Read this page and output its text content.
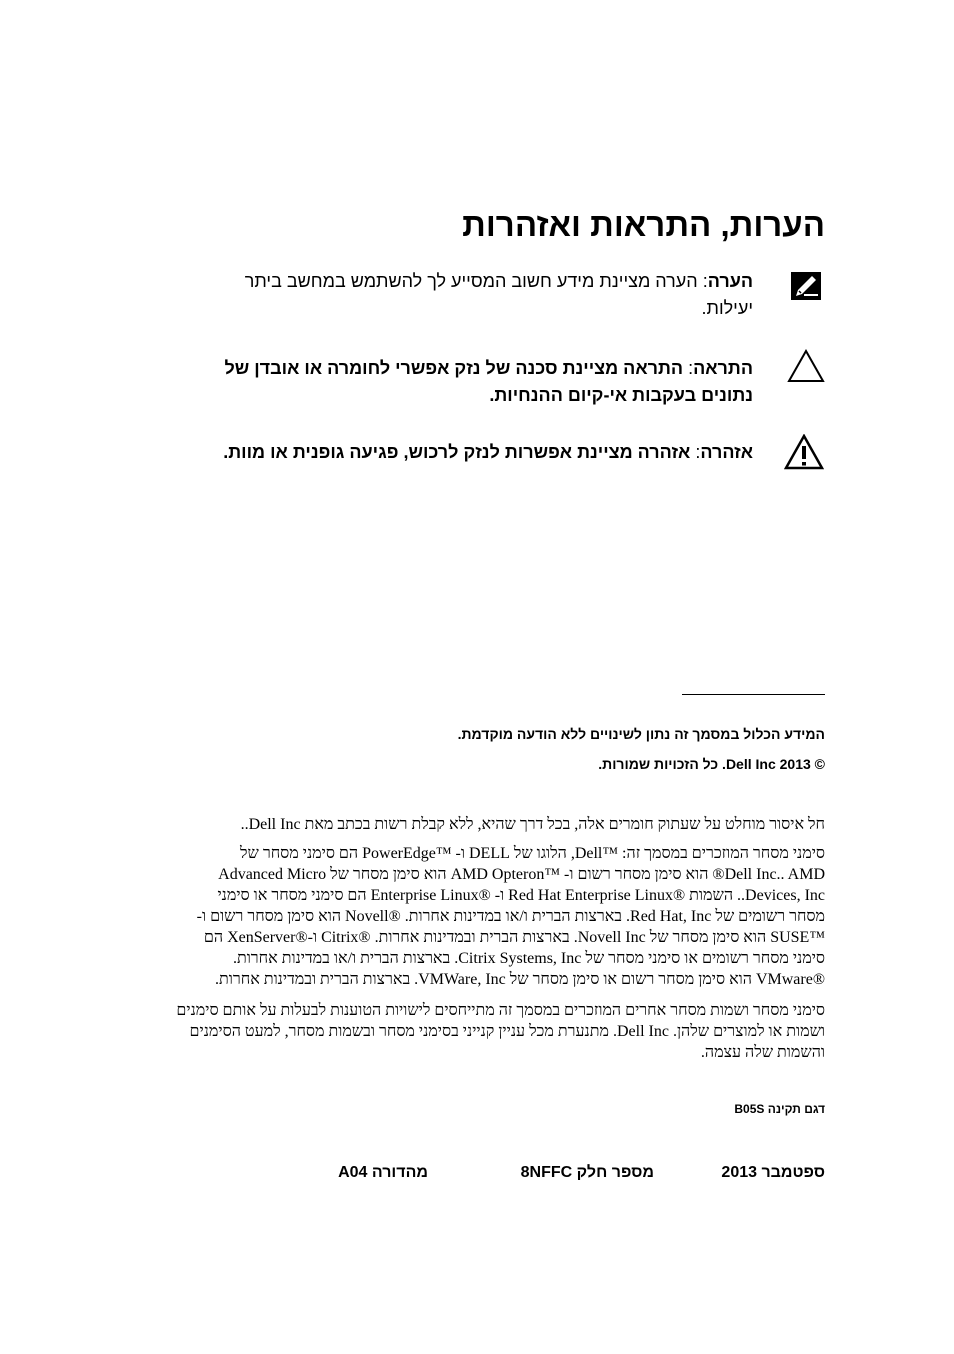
הערות, התראות ואזהרות
הערה: הערה מציינת מידע חשוב המסייע לך להשתמש במחשב ביתר יעילות.
התראה: התראה מציינת סכנה של נזק אפשרי לחומרה או אובדן של נתונים בעקבות אי-קיום ההנחיות.
אזהרה: אזהרה מציינת אפשרות לנזק לרכוש, פגיעה גופנית או מוות.
המידע הכלול במסמך זה נתון לשינויים ללא הודעה מוקדמת.
© 2013 Dell Inc. כל הזכויות שמורות.
חל איסור מוחלט על שעתוק חומרים אלה, בכל דרך שהיא, ללא קבלת רשות בכתב מאת Dell Inc..
סימני מסחר המוזכרים במסמך זה: ™Dell, הלוגו של DELL ו- ™PowerEdge הם סימני מסחר של
Dell Inc.. AMD® הוא סימן מסחר רשום ו- ™AMD Opteron הוא סימן מסחר של Advanced Micro
Devices, Inc.. השמות ®Red Hat Enterprise Linux ו- ®Enterprise Linux הם סימני מסחר או סימני
מסחר רשומים של Red Hat, Inc. בארצות הברית ו/או במדינות אחרות. ®Novell הוא סימן מסחר רשום ו-
™SUSE הוא סימן מסחר של Novell Inc. בארצות הברית ובמדינות אחרות. ®Citrix ו-®XenServer הם
סימני מסחר רשומים או סימני מסחר של Citrix Systems, Inc. בארצות הברית ו/או במדינות אחרות.
®VMware הוא סימן מסחר רשום או סימן מסחר של VMWare, Inc. בארצות הברית ובמדינות אחרות.
סימני מסחר ושמות מסחר אחרים המוזכרים במסמך זה מתייחסים לישויות הטוענות לבעלות על אותם סימנים
ושמות או למוצרים שלהן. Dell Inc. מתנערת מכל עניין קנייני בסימני מסחר ובשמות מסחר, למעט הסימנים
והשמות שלה עצמה.
דגם תקינה B05S
ספטמבר 2013
מספר חלק 8NFFC
מהדורה A04
